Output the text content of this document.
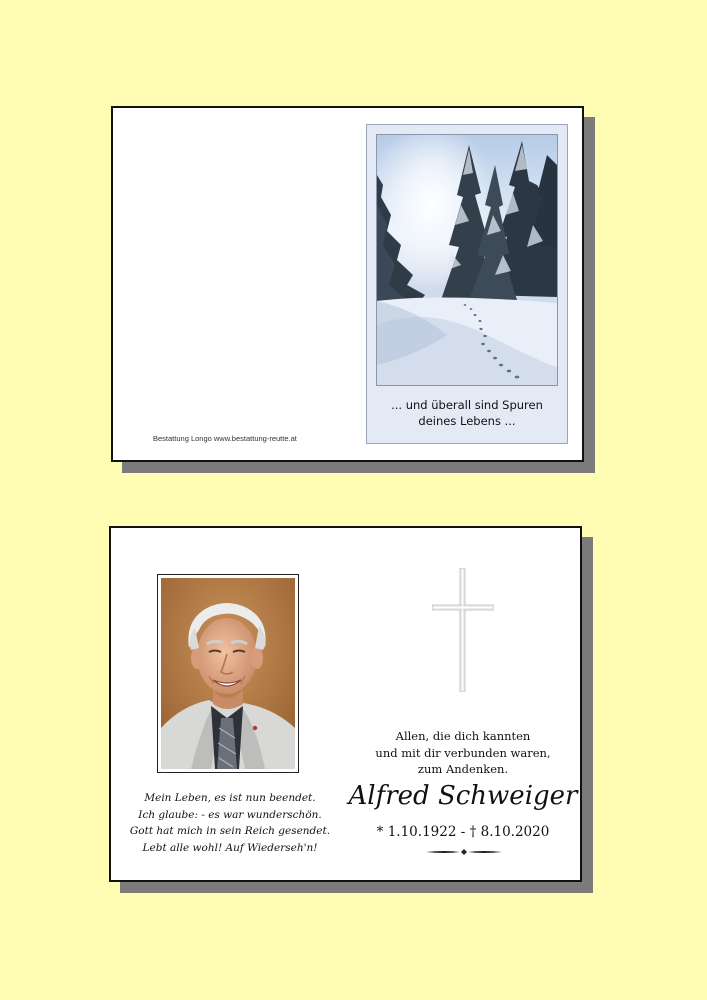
Bestattung Longo www.bestattung-reutte.at
... und überall sind Spuren
deines Lebens ...
Mein Leben, es ist nun beendet.
Ich glaube: - es war wunderschön.
Gott hat mich in sein Reich gesendet.
Lebt alle wohl! Auf Wiederseh'n!
Allen, die dich kannten
und mit dir verbunden waren,
zum Andenken.
Alfred Schweiger
* 1.10.1922 - † 8.10.2020
